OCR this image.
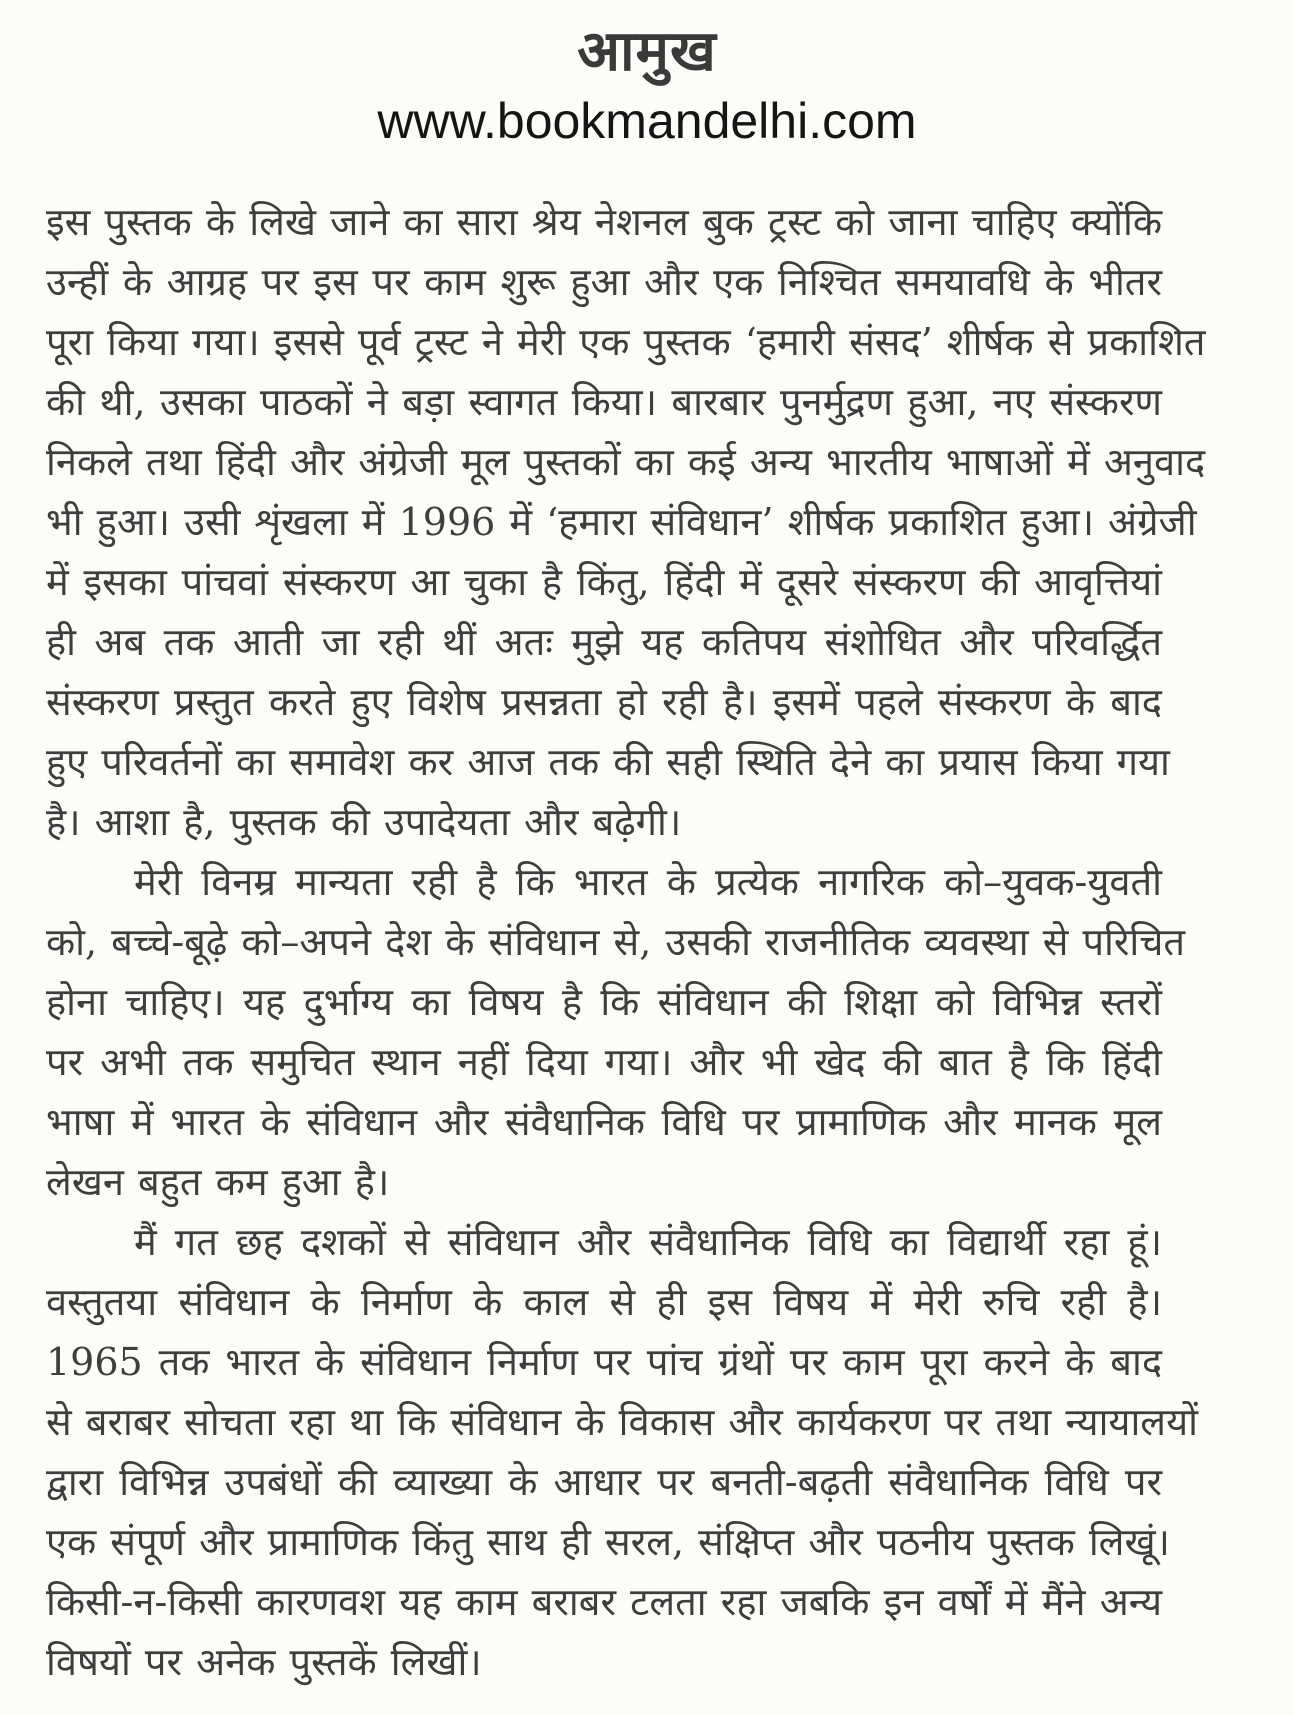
आमुख
www.bookmandelhi.com
इस पुस्तक के लिखे जाने का सारा श्रेय नेशनल बुक ट्रस्ट को जाना चाहिए क्योंकि
उन्हीं के आग्रह पर इस पर काम शुरू हुआ और एक निश्चित समयावधि के भीतर
पूरा किया गया। इससे पूर्व ट्रस्ट ने मेरी एक पुस्तक ‘हमारी संसद’ शीर्षक से प्रकाशित
की थी, उसका पाठकों ने बड़ा स्वागत किया। बारबार पुनर्मुद्रण हुआ, नए संस्करण
निकले तथा हिंदी और अंग्रेजी मूल पुस्तकों का कई अन्य भारतीय भाषाओं में अनुवाद
भी हुआ। उसी शृंखला में 1996 में ‘हमारा संविधान’ शीर्षक प्रकाशित हुआ। अंग्रेजी
में इसका पांचवां संस्करण आ चुका है किंतु, हिंदी में दूसरे संस्करण की आवृत्तियां
ही अब तक आती जा रही थीं अतः मुझे यह कतिपय संशोधित और परिवर्द्धित
संस्करण प्रस्तुत करते हुए विशेष प्रसन्नता हो रही है। इसमें पहले संस्करण के बाद
हुए परिवर्तनों का समावेश कर आज तक की सही स्थिति देने का प्रयास किया गया
है। आशा है, पुस्तक की उपादेयता और बढ़ेगी।
मेरी विनम्र मान्यता रही है कि भारत के प्रत्येक नागरिक को–युवक-युवती
को, बच्चे-बूढ़े को–अपने देश के संविधान से, उसकी राजनीतिक व्यवस्था से परिचित
होना चाहिए। यह दुर्भाग्य का विषय है कि संविधान की शिक्षा को विभिन्न स्तरों
पर अभी तक समुचित स्थान नहीं दिया गया। और भी खेद की बात है कि हिंदी
भाषा में भारत के संविधान और संवैधानिक विधि पर प्रामाणिक और मानक मूल
लेखन बहुत कम हुआ है।
मैं गत छह दशकों से संविधान और संवैधानिक विधि का विद्यार्थी रहा हूं।
वस्तुतया संविधान के निर्माण के काल से ही इस विषय में मेरी रुचि रही है।
1965 तक भारत के संविधान निर्माण पर पांच ग्रंथों पर काम पूरा करने के बाद
से बराबर सोचता रहा था कि संविधान के विकास और कार्यकरण पर तथा न्यायालयों
द्वारा विभिन्न उपबंधों की व्याख्या के आधार पर बनती-बढ़ती संवैधानिक विधि पर
एक संपूर्ण और प्रामाणिक किंतु साथ ही सरल, संक्षिप्त और पठनीय पुस्तक लिखूं।
किसी-न-किसी कारणवश यह काम बराबर टलता रहा जबकि इन वर्षों में मैंने अन्य
विषयों पर अनेक पुस्तकें लिखीं।
